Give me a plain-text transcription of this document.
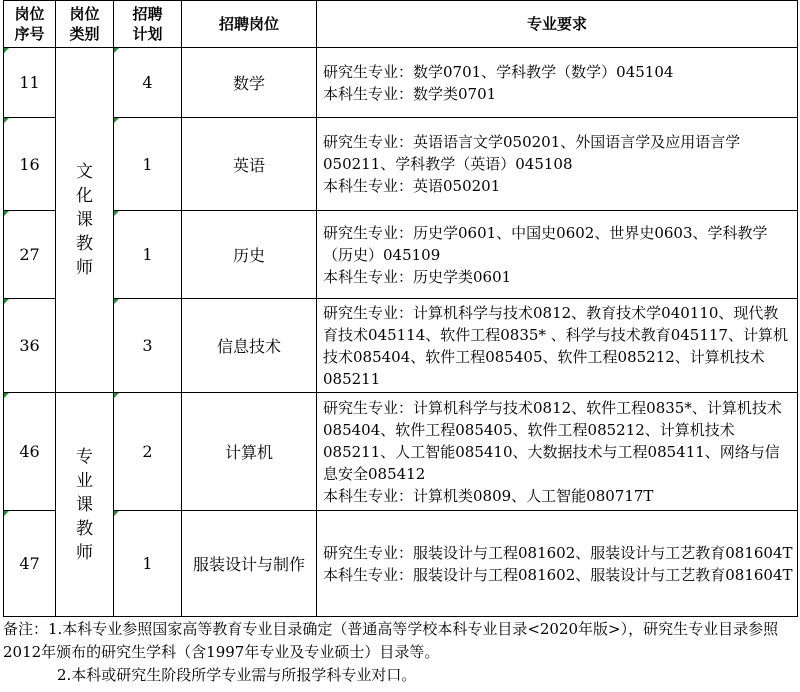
岗位序号	岗位类别	招聘计划	招聘岗位	专业要求

11	文化课教师	4	数学	研究生专业：数学0701、学科教学（数学）045104
本科生专业：数学类0701

16		1	英语	研究生专业：英语语言文学050201、外国语言学及应用语言学050211、学科教学（英语）045108
本科生专业：英语050201

27		1	历史	研究生专业：历史学0601、中国史0602、世界史0603、学科教学（历史）045109
本科生专业：历史学类0601

36		3	信息技术	研究生专业：计算机科学与技术0812、教育技术学040110、现代教育技术045114、软件工程0835* 、科学与技术教育045117、计算机技术085404、软件工程085405、软件工程085212、计算机技术085211

46	专业课教师	2	计算机	研究生专业：计算机科学与技术0812、软件工程0835*、计算机技术085404、软件工程085405、软件工程085212、计算机技术085211、人工智能085410、大数据技术与工程085411、网络与信息安全085412
本科生专业：计算机类0809、人工智能080717T

47		1	服装设计与制作	研究生专业：服装设计与工程081602、服装设计与工艺教育081604T
本科生专业：服装设计与工程081602、服装设计与工艺教育081604T

备注：1.本科专业参照国家高等教育专业目录确定（普通高等学校本科专业目录<2020年版>），研究生专业目录参照2012年颁布的研究生学科（含1997年专业及专业硕士）目录等。

2.本科或研究生阶段所学专业需与所报学科专业对口。
